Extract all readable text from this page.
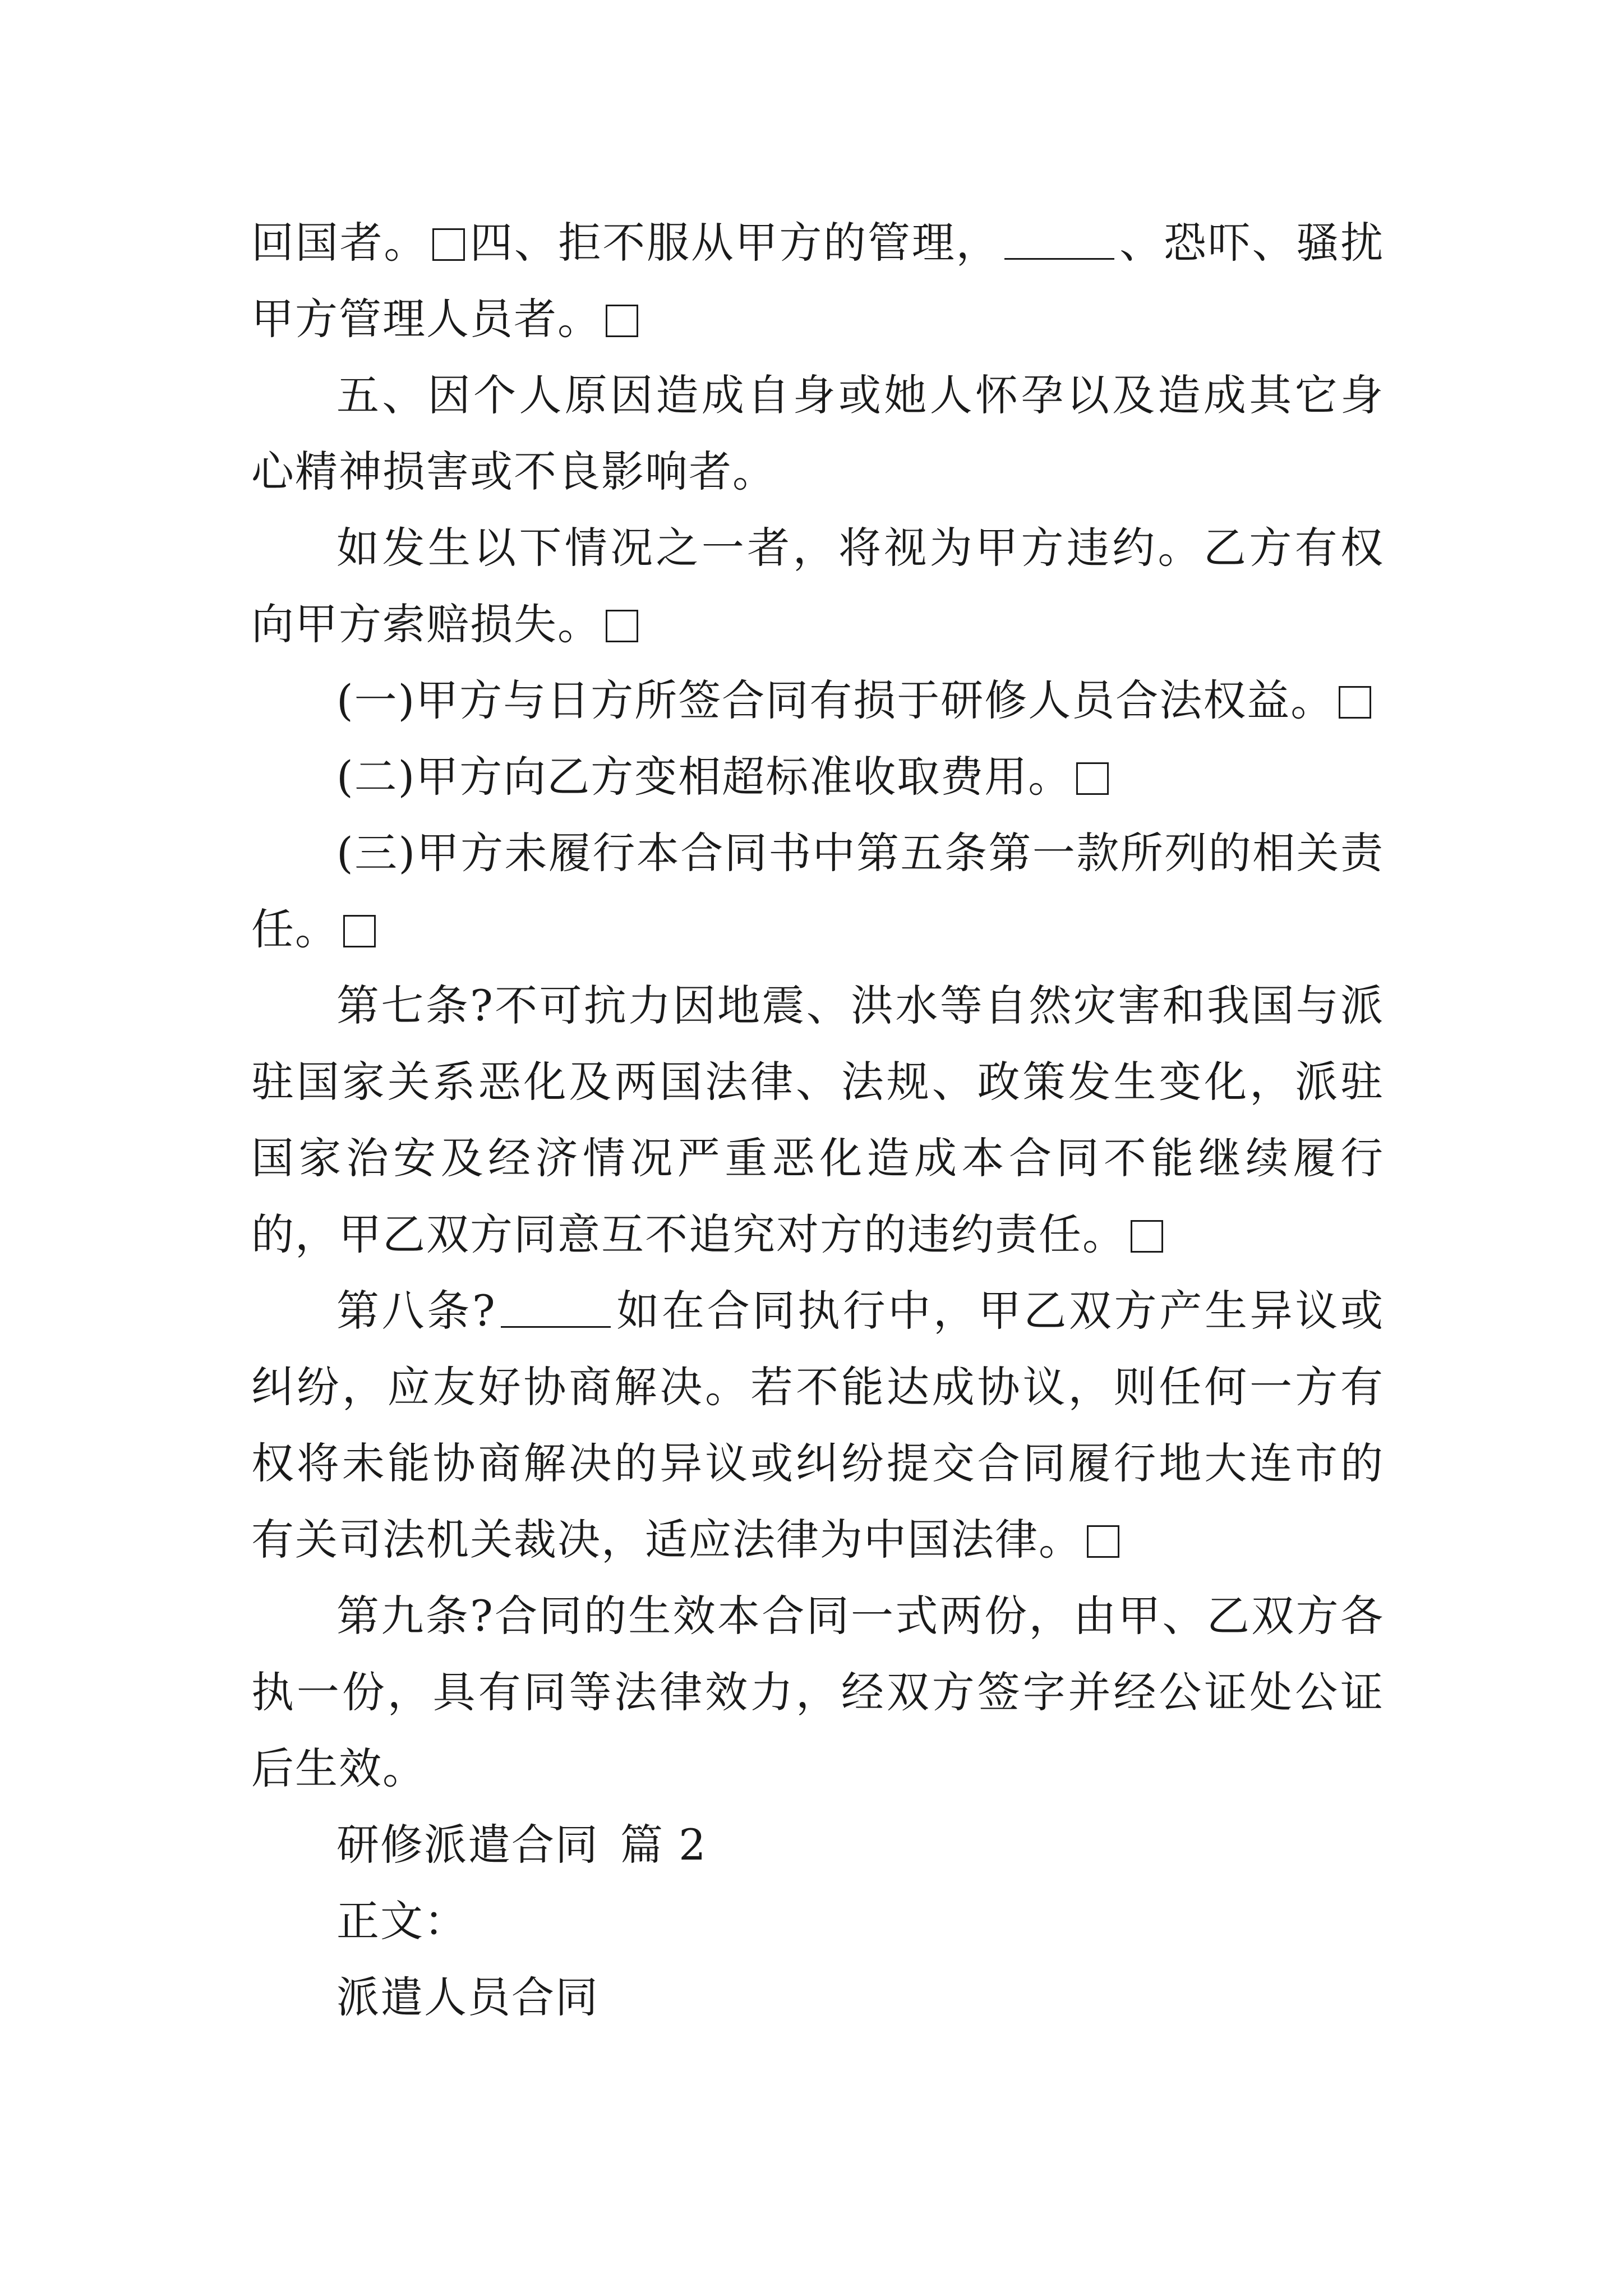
回国者。 四、拒不服从甲方的管理，	、恐吓、骚扰甲方管理人员者。

五、因个人原因造成自身或她人怀孕以及造成其它身心精神损害或不良影响者。

如发生以下情况之一者，将视为甲方违约。乙方有权向甲方索赔损失。

(一)甲方与日方所签合同有损于研修人员合法权益。

(二)甲方向乙方变相超标准收取费用。

(三)甲方未履行本合同书中第五条第一款所列的相关责任。

第七条?不可抗力因地震、洪水等自然灾害和我国与派驻国家关系恶化及两国法律、法规、政策发生变化，派驻国家治安及经济情况严重恶化造成本合同不能继续履行的，甲乙双方同意互不追究对方的违约责任。

第八条?	如在合同执行中，甲乙双方产生异议或纠纷，应友好协商解决。若不能达成协议，则任何一方有权将未能协商解决的异议或纠纷提交合同履行地大连市的有关司法机关裁决，适应法律为中国法律。

第九条?合同的生效本合同一式两份，由甲、乙双方各执一份，具有同等法律效力，经双方签字并经公证处公证后生效。

研修派遣合同 篇 2

正文：

派遣人员合同
